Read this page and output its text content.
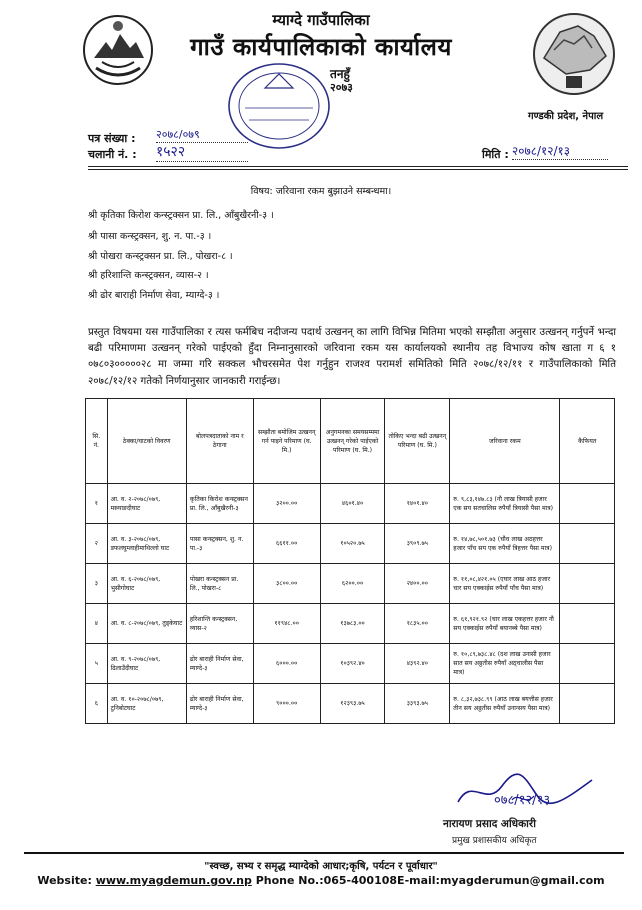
म्याग्दे गाउँपालिका
गाउँ कार्यपालिकाको कार्यालय
तनहुँ
२०७३
गण्डकी प्रदेश, नेपाल
पत्र संख्या : २०७८/०७९
चलानी नं. : १५२२	मिति : २०७८/१२/१३
विषय: जरिवाना रकम बुझाउने सम्बन्धमा।
श्री कृतिका किरोश कन्स्ट्रक्सन प्रा. लि., आँबुखैरनी-३ ।
श्री पासा कन्स्ट्रक्सन, शु. न. पा.-३ ।
श्री पोखरा कन्स्ट्रक्सन प्रा. लि., पोखरा-८ ।
श्री हरिशान्ति कन्स्ट्रक्सन, व्यास-२ ।
श्री ढोर बाराही निर्माण सेवा, म्याग्दे-३ ।
प्रस्तुत विषयमा यस गाउँपालिका र त्यस फर्मबिच नदीजन्य पदार्थ उत्खनन् का लागि विभिन्न मितिमा भएको सम्झौता अनुसार उत्खनन् गर्नुपर्ने भन्दा बढी परिमाणमा उत्खनन् गरेको पाईएको हुँदा निम्नानुसारको जरिवाना रकम यस कार्यालयको स्थानीय तह विभाज्य कोष खाता ग ६ १ ०७८०३०००००२८ मा जम्मा गरि सक्कल भौचरसमेत पेश गर्नुहुन राजश्व परामर्श समितिको मिति २०७८/१२/११ र गाउँपालिकाको मिति २०७८/१२/१२ गतेको निर्णयानुसार जानकारी गराईन्छ।
सि. नं.	ठेक्का/घाटको विवरण	बोलपत्रदाताको नाम र ठेगाना	सम्झौता बमोजिम उत्खनन् गर्न पाइने परिमाण (घ. मि.)	अनुगमनका समयसम्ममा उत्खनन् गरेको पाईएको परिमाण (घ. मि.)	तोकिए भन्दा बढी उत्खनन् परिमाण (घ. मि.)	जरिवाना रकम	कैफियत
१	आ. व. २-२०७८/०७९, मस्र्याङदीघाट	कृतिका किरोश कन्स्ट्रक्सन प्रा. लि., आँबुखैरनी-३	३२००.००	४६०१.४०	१४०१.४०	रु. ९,८३,१४७.८३ (नौ लाख त्रियासी हजार एक सय सतचालिस रुपैयाँ त्रियासी पैसा मात्र)	
२	आ. व. ३-२०७८/०७९, डफलघुम्लाहीमाथिल्लो घाट	पासा कन्स्ट्रक्सन, शु. न. पा.-३	६६११.००	१०५२०.७५	३९०९.७५	रु. १४,७८,५०१.७३ (चौध लाख अठहत्तर हजार पाँच सय एक रुपैयाँ त्रिहत्तर पैसा मात्र)	
३	आ. व. ६-२०७८/०७९, भुसीगोघाट	पोखरा कन्स्ट्रक्सन प्रा. लि., पोखरा-८	३८००.००	६२००.००	२४००.००	रु. ११,०८,४२१.०५ (एघार लाख आठ हजार चार सय एक्काईस रुपैयाँ पाँच पैसा मात्र)	
४	आ. व. ८-२०७८/०७९, तुड्केघाट	हरिशान्ति कन्स्ट्रक्सन, व्यास-२	११९४८.००	१३७८३.००	१८३५.००	रु. ६१,९२१.९२ (चार लाख एकहत्तर हजार नौ सय एक्काईस रुपैयाँ बयानब्बे पैसा मात्र)	
५	आ. व. ९-२०७८/०७९, ढिलाउँदीघाट	ढोर बाराही निर्माण सेवा, म्याग्दे-३	६०००.००	१०३९२.४०	४३९२.४०	रु. १०,८९,७३८.४८ (दश लाख उनासी हजार सात सय अठ्ठतीस रुपैयाँ अठ्चालीस पैसा मात्र)	
६	आ. व. १०-२०७८/०७९, टुनिबोटघाट	ढोर बाराही निर्माण सेवा, म्याग्दे-३	९०००.००	१२३९३.७५	३३९३.७५	रु. ८,३२,७३८.९९ (आठ लाख बयत्तीस हजार तीन सय अठ्ठतीस रुपैयाँ उनान्सय पैसा मात्र)	
०७८/१२/१३
नारायण प्रसाद अधिकारी
प्रमुख प्रशासकीय अधिकृत
"स्वच्छ, सभ्य र समृद्ध म्याग्देको आधार;कृषि, पर्यटन र पूर्वाधार"
Website: www.myagdemun.gov.np Phone No.:065-400108E-mail:myagderumun@gmail.com
